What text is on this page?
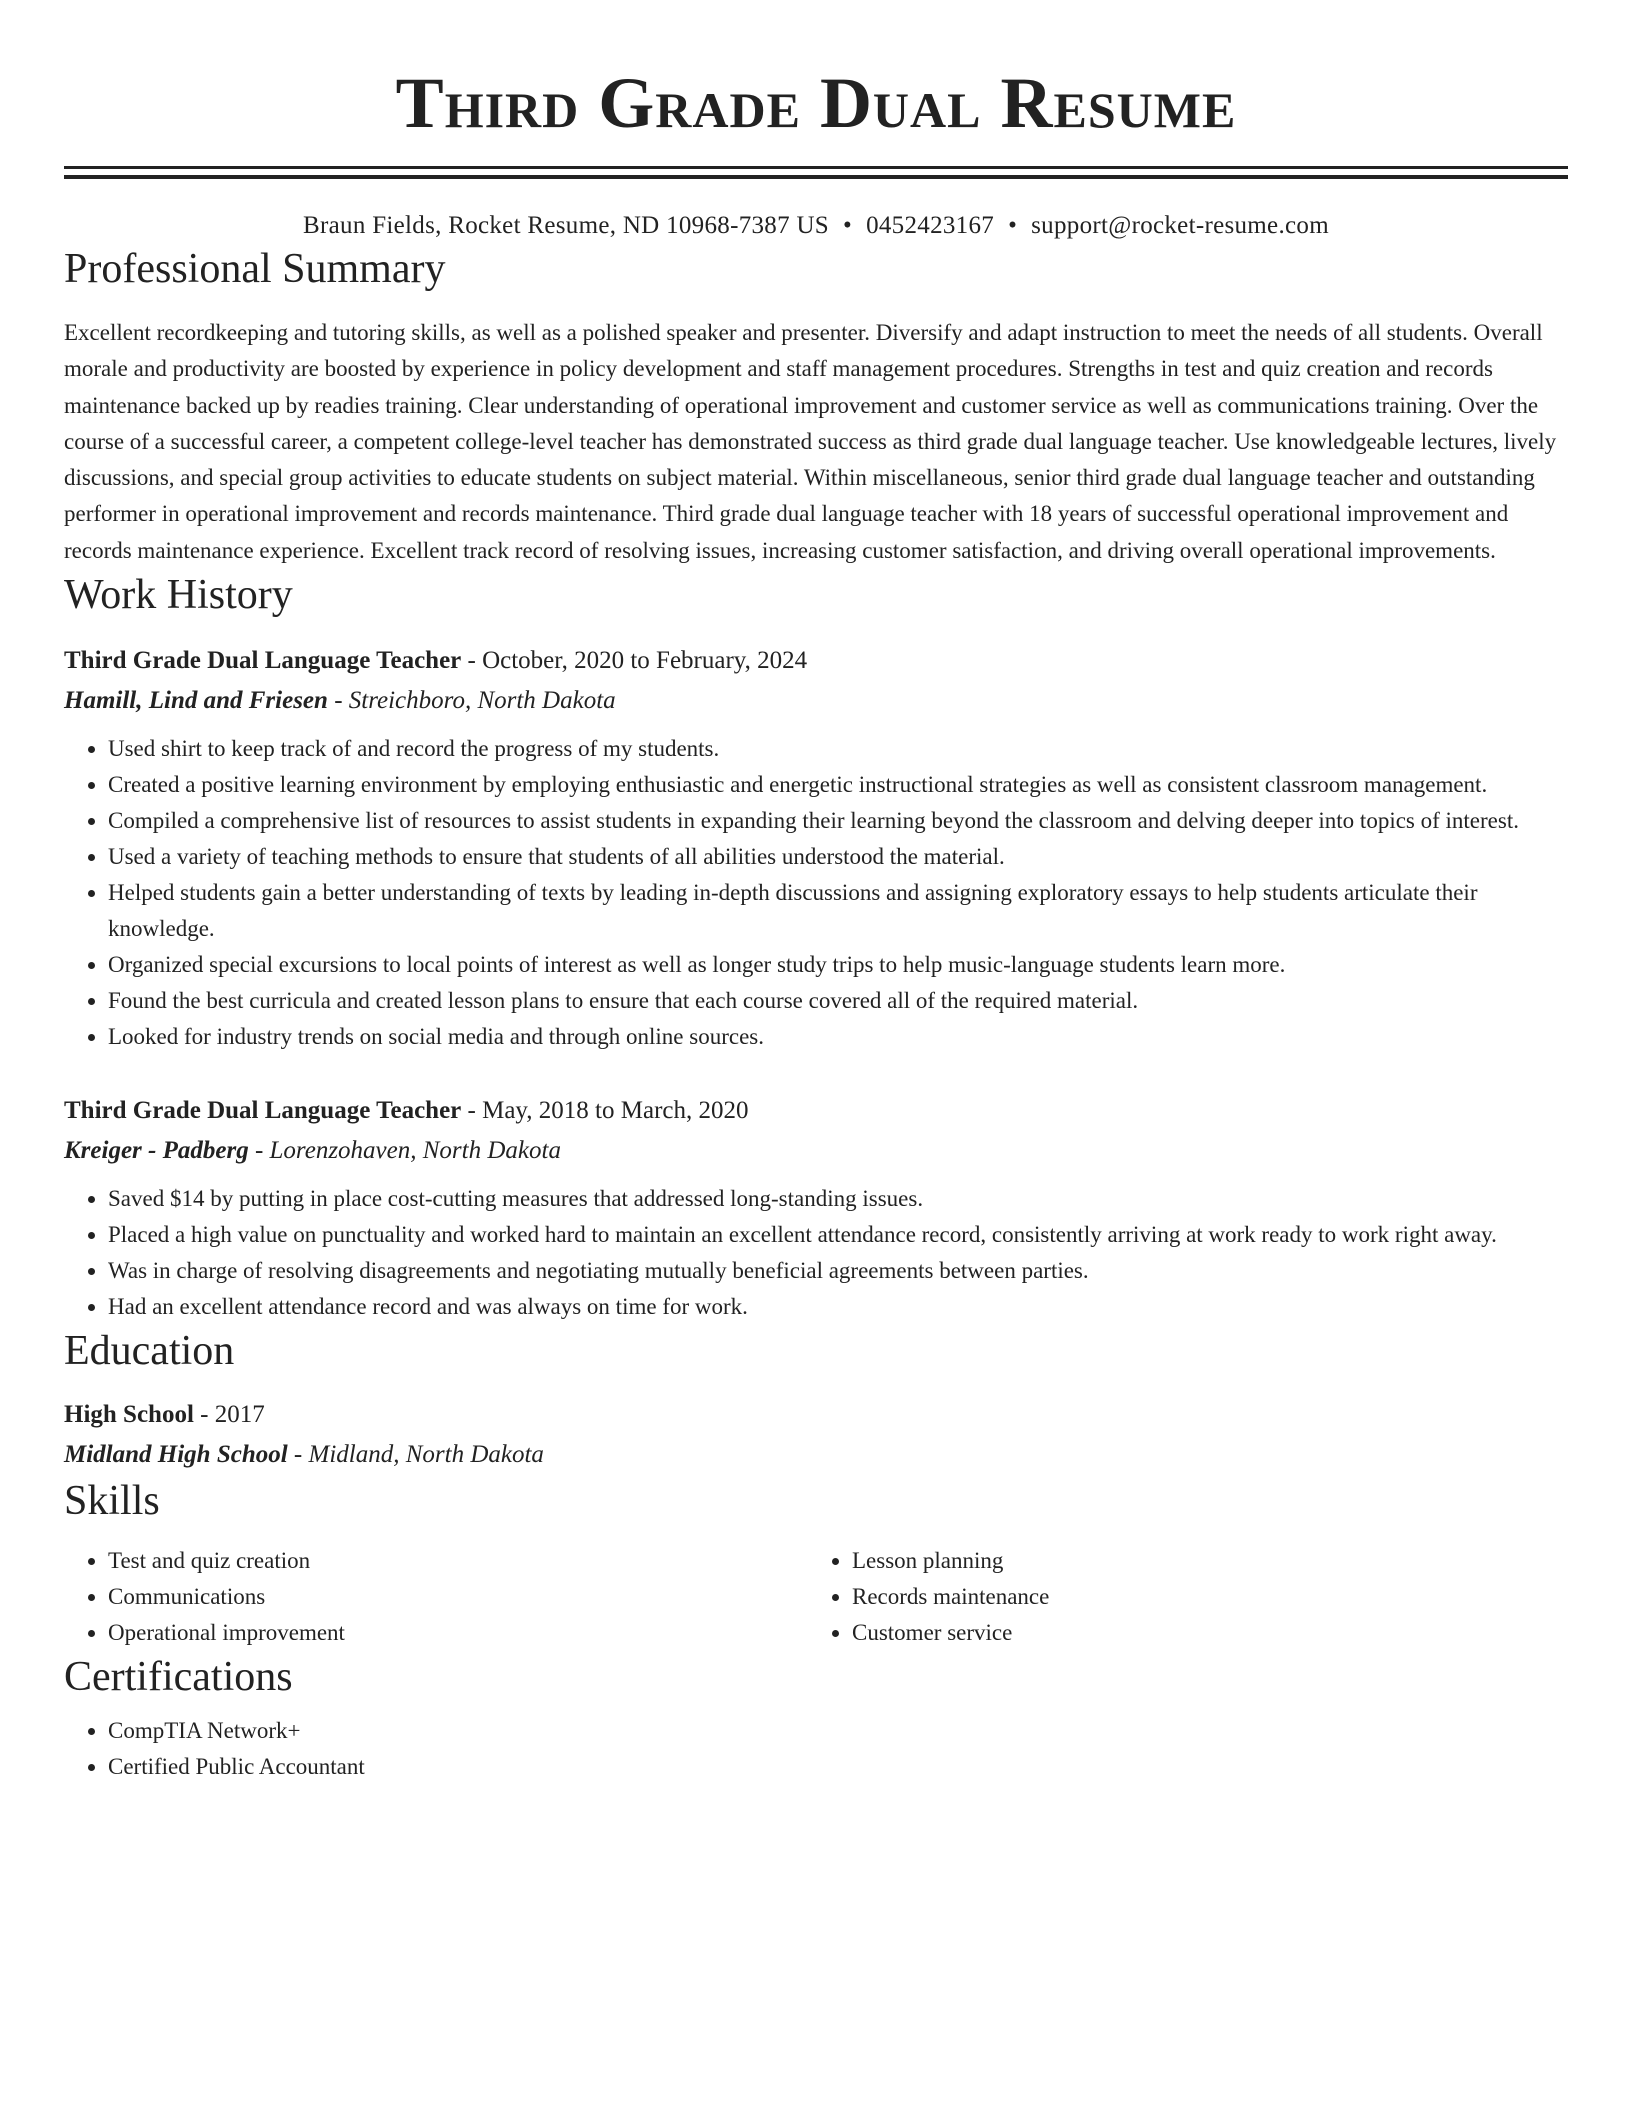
Third Grade Dual Resume
Braun Fields, Rocket Resume, ND 10968-7387 US • 0452423167 • support@rocket-resume.com
Professional Summary
Excellent recordkeeping and tutoring skills, as well as a polished speaker and presenter. Diversify and adapt instruction to meet the needs of all students. Overall morale and productivity are boosted by experience in policy development and staff management procedures. Strengths in test and quiz creation and records maintenance backed up by readies training. Clear understanding of operational improvement and customer service as well as communications training. Over the course of a successful career, a competent college-level teacher has demonstrated success as third grade dual language teacher. Use knowledgeable lectures, lively discussions, and special group activities to educate students on subject material. Within miscellaneous, senior third grade dual language teacher and outstanding performer in operational improvement and records maintenance. Third grade dual language teacher with 18 years of successful operational improvement and records maintenance experience. Excellent track record of resolving issues, increasing customer satisfaction, and driving overall operational improvements.
Work History
Third Grade Dual Language Teacher - October, 2020 to February, 2024
Hamill, Lind and Friesen - Streichboro, North Dakota
• Used shirt to keep track of and record the progress of my students.
• Created a positive learning environment by employing enthusiastic and energetic instructional strategies as well as consistent classroom management.
• Compiled a comprehensive list of resources to assist students in expanding their learning beyond the classroom and delving deeper into topics of interest.
• Used a variety of teaching methods to ensure that students of all abilities understood the material.
• Helped students gain a better understanding of texts by leading in-depth discussions and assigning exploratory essays to help students articulate their knowledge.
• Organized special excursions to local points of interest as well as longer study trips to help music-language students learn more.
• Found the best curricula and created lesson plans to ensure that each course covered all of the required material.
• Looked for industry trends on social media and through online sources.
Third Grade Dual Language Teacher - May, 2018 to March, 2020
Kreiger - Padberg - Lorenzohaven, North Dakota
• Saved $14 by putting in place cost-cutting measures that addressed long-standing issues.
• Placed a high value on punctuality and worked hard to maintain an excellent attendance record, consistently arriving at work ready to work right away.
• Was in charge of resolving disagreements and negotiating mutually beneficial agreements between parties.
• Had an excellent attendance record and was always on time for work.
Education
High School - 2017
Midland High School - Midland, North Dakota
Skills
• Test and quiz creation
• Communications
• Operational improvement
• Lesson planning
• Records maintenance
• Customer service
Certifications
• CompTIA Network+
• Certified Public Accountant
